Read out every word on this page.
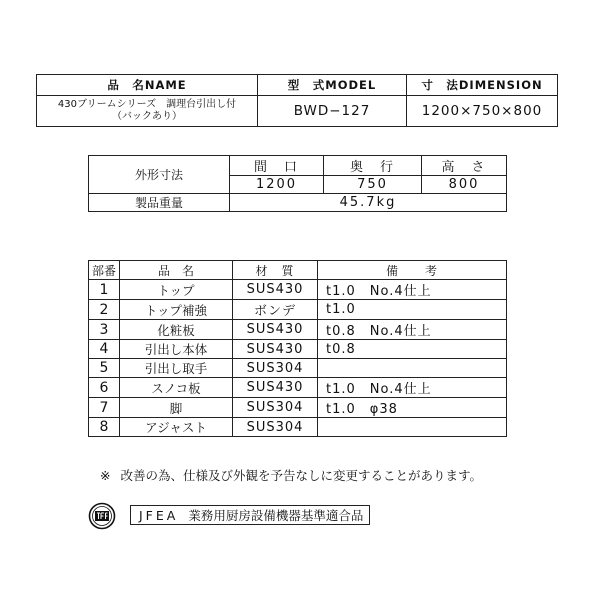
品　名NAME	型　式MODEL	寸　法DIMENSION

430ブリームシリーズ　調理台引出し付
（バックあり）	BWD−127	1200×750×800
外形寸法	間　口	奥　行	高　さ
	1200	750	800
製品重量	45.7kg		
部番	品　名	材　質	備　　考
1	トップ	SUS430	t1.0　No.4仕上
2	トップ補強	ボンデ	t1.0
3	化粧板	SUS430	t0.8　No.4仕上
4	引出し本体	SUS430	t0.8
5	引出し取手	SUS304	
6	スノコ板	SUS430	t1.0　No.4仕上
7	脚	SUS304	t1.0　φ38
8	アジャスト	SUS304	
※ 改善の為、仕様及び外観を予告なしに変更することがあります。
JFEA 業務用厨房設備機器基準適合品
